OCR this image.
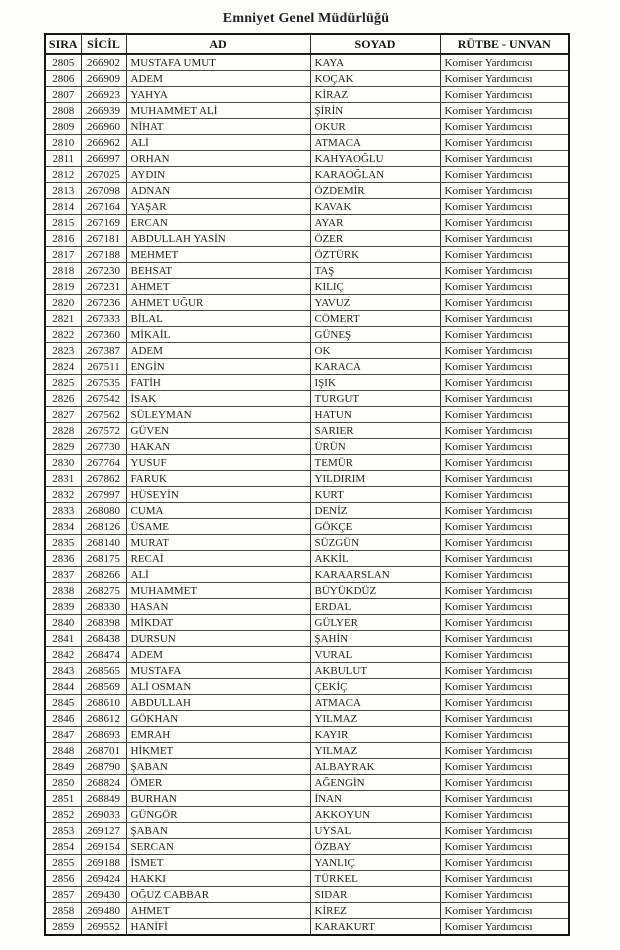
Emniyet Genel Müdürlüğü
SIRA	SİCİL	AD	SOYAD	RÜTBE - UNVAN
2805	266902	MUSTAFA UMUT	KAYA	Komiser Yardımcısı
2806	266909	ADEM	KOÇAK	Komiser Yardımcısı
2807	266923	YAHYA	KİRAZ	Komiser Yardımcısı
2808	266939	MUHAMMET ALİ	ŞİRİN	Komiser Yardımcısı
2809	266960	NİHAT	OKUR	Komiser Yardımcısı
2810	266962	ALİ	ATMACA	Komiser Yardımcısı
2811	266997	ORHAN	KAHYAOĞLU	Komiser Yardımcısı
2812	267025	AYDIN	KARAOĞLAN	Komiser Yardımcısı
2813	267098	ADNAN	ÖZDEMİR	Komiser Yardımcısı
2814	267164	YAŞAR	KAVAK	Komiser Yardımcısı
2815	267169	ERCAN	AYAR	Komiser Yardımcısı
2816	267181	ABDULLAH YASİN	ÖZER	Komiser Yardımcısı
2817	267188	MEHMET	ÖZTÜRK	Komiser Yardımcısı
2818	267230	BEHSAT	TAŞ	Komiser Yardımcısı
2819	267231	AHMET	KILIÇ	Komiser Yardımcısı
2820	267236	AHMET UĞUR	YAVUZ	Komiser Yardımcısı
2821	267333	BİLAL	CÖMERT	Komiser Yardımcısı
2822	267360	MİKAİL	GÜNEŞ	Komiser Yardımcısı
2823	267387	ADEM	OK	Komiser Yardımcısı
2824	267511	ENGİN	KARACA	Komiser Yardımcısı
2825	267535	FATİH	IŞIK	Komiser Yardımcısı
2826	267542	İSAK	TURGUT	Komiser Yardımcısı
2827	267562	SÜLEYMAN	HATUN	Komiser Yardımcısı
2828	267572	GÜVEN	SARIER	Komiser Yardımcısı
2829	267730	HAKAN	ÜRÜN	Komiser Yardımcısı
2830	267764	YUSUF	TEMÜR	Komiser Yardımcısı
2831	267862	FARUK	YILDIRIM	Komiser Yardımcısı
2832	267997	HÜSEYİN	KURT	Komiser Yardımcısı
2833	268080	CUMA	DENİZ	Komiser Yardımcısı
2834	268126	ÜSAME	GÖKÇE	Komiser Yardımcısı
2835	268140	MURAT	SÜZGÜN	Komiser Yardımcısı
2836	268175	RECAİ	AKKİL	Komiser Yardımcısı
2837	268266	ALİ	KARAARSLAN	Komiser Yardımcısı
2838	268275	MUHAMMET	BÜYÜKDÜZ	Komiser Yardımcısı
2839	268330	HASAN	ERDAL	Komiser Yardımcısı
2840	268398	MİKDAT	GÜLYER	Komiser Yardımcısı
2841	268438	DURSUN	ŞAHİN	Komiser Yardımcısı
2842	268474	ADEM	VURAL	Komiser Yardımcısı
2843	268565	MUSTAFA	AKBULUT	Komiser Yardımcısı
2844	268569	ALİ OSMAN	ÇEKİÇ	Komiser Yardımcısı
2845	268610	ABDULLAH	ATMACA	Komiser Yardımcısı
2846	268612	GÖKHAN	YILMAZ	Komiser Yardımcısı
2847	268693	EMRAH	KAYIR	Komiser Yardımcısı
2848	268701	HİKMET	YILMAZ	Komiser Yardımcısı
2849	268790	ŞABAN	ALBAYRAK	Komiser Yardımcısı
2850	268824	ÖMER	AĞENGİN	Komiser Yardımcısı
2851	268849	BURHAN	İNAN	Komiser Yardımcısı
2852	269033	GÜNGÖR	AKKOYUN	Komiser Yardımcısı
2853	269127	ŞABAN	UYSAL	Komiser Yardımcısı
2854	269154	SERCAN	ÖZBAY	Komiser Yardımcısı
2855	269188	İSMET	YANLIÇ	Komiser Yardımcısı
2856	269424	HAKKI	TÜRKEL	Komiser Yardımcısı
2857	269430	OĞUZ CABBAR	SIDAR	Komiser Yardımcısı
2858	269480	AHMET	KİREZ	Komiser Yardımcısı
2859	269552	HANİFİ	KARAKURT	Komiser Yardımcısı
